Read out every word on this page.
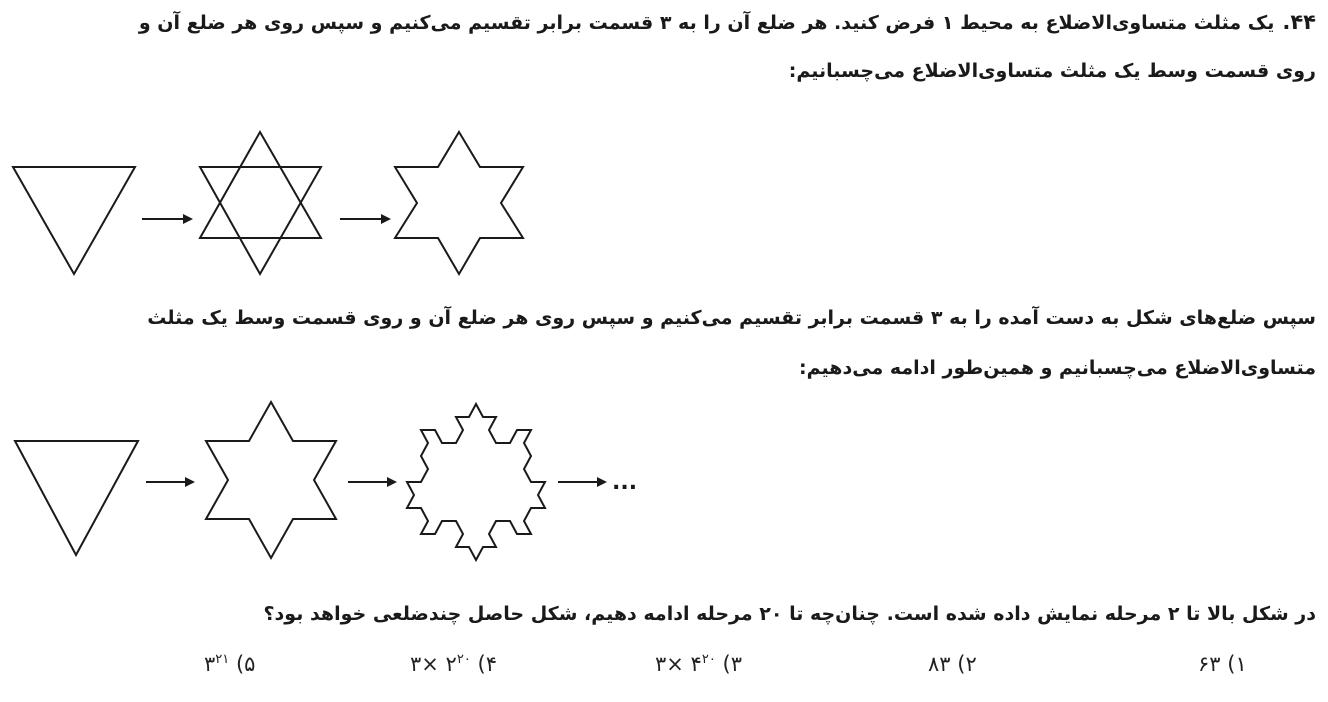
۴۴.یک مثلث متساوی‌الاضلاع به محیط ۱ فرض کنید. هر ضلع آن را به ۳ قسمت برابر تقسیم می‌کنیم و سپس روی هر ضلع آن و
روی قسمت وسط یک مثلث متساوی‌الاضلاع می‌چسبانیم:
سپس ضلع‌های شکل به دست آمده را به ۳ قسمت برابر تقسیم می‌کنیم و سپس روی هر ضلع آن و روی قسمت وسط یک مثلث
متساوی‌الاضلاع می‌چسبانیم و همین‌طور ادامه می‌دهیم:
...
در شکل بالا تا ۲ مرحله نمایش داده شده است. چنان‌چه تا ۲۰ مرحله ادامه دهیم، شکل حاصل چندضلعی خواهد بود؟
۱) ۶۳
۲) ۸۳
۳) ۳× $۴^{۲۰}$
۴) ۳× $۲^{۲۰}$
۵) $۳^{۲۱}$
